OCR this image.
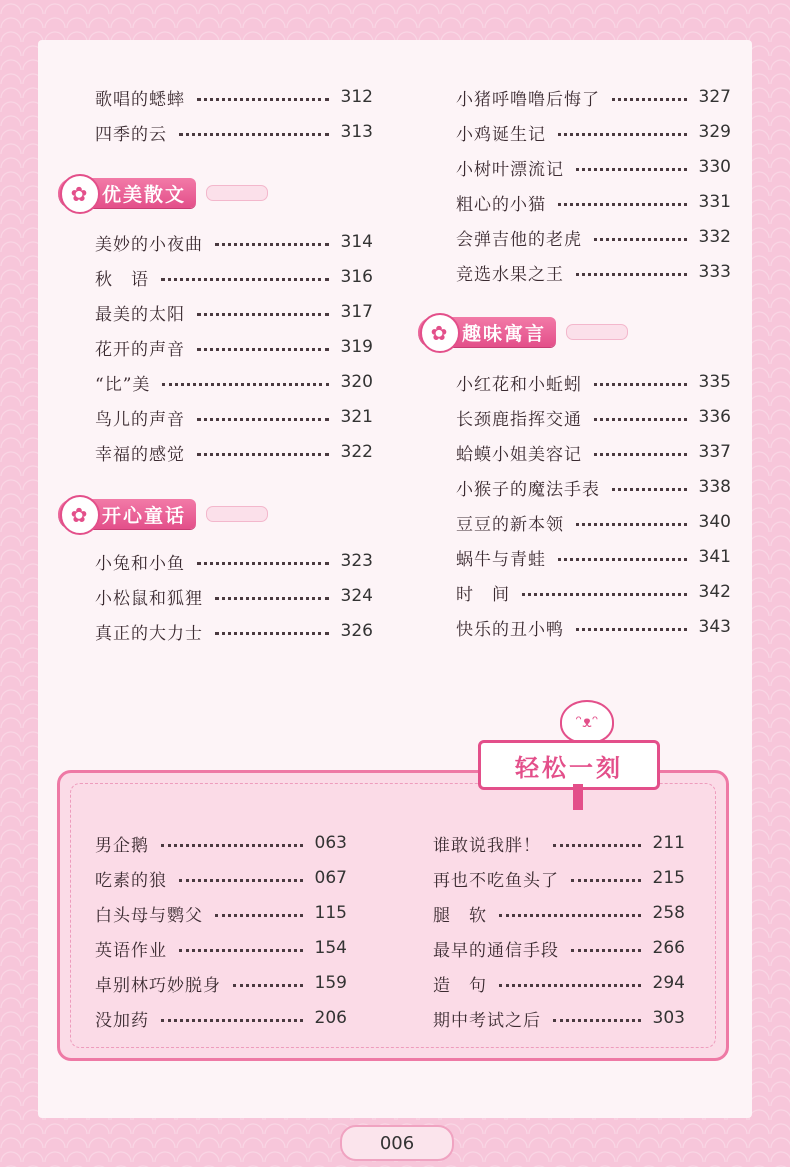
歌唱的蟋蟀	312
四季的云	313
✿ 优美散文
美妙的小夜曲	314
秋　语	316
最美的太阳	317
花开的声音	319
“比”美	320
鸟儿的声音	321
幸福的感觉	322
✿ 开心童话
小兔和小鱼	323
小松鼠和狐狸	324
真正的大力士	326
小猪呼噜噜后悔了	327
小鸡诞生记	329
小树叶漂流记	330
粗心的小猫	331
会弹吉他的老虎	332
竞选水果之王	333
✿ 趣味寓言
小红花和小蚯蚓	335
长颈鹿指挥交通	336
蛤蟆小姐美容记	337
小猴子的魔法手表	338
豆豆的新本领	340
蜗牛与青蛙	341
时　间	342
快乐的丑小鸭	343
ᵔᴥᵔ
轻松一刻
男企鹅	063
吃素的狼	067
白头母与鹦父	115
英语作业	154
卓别林巧妙脱身	159
没加药	206
谁敢说我胖！	211
再也不吃鱼头了	215
腿　软	258
最早的通信手段	266
造　句	294
期中考试之后	303
006
